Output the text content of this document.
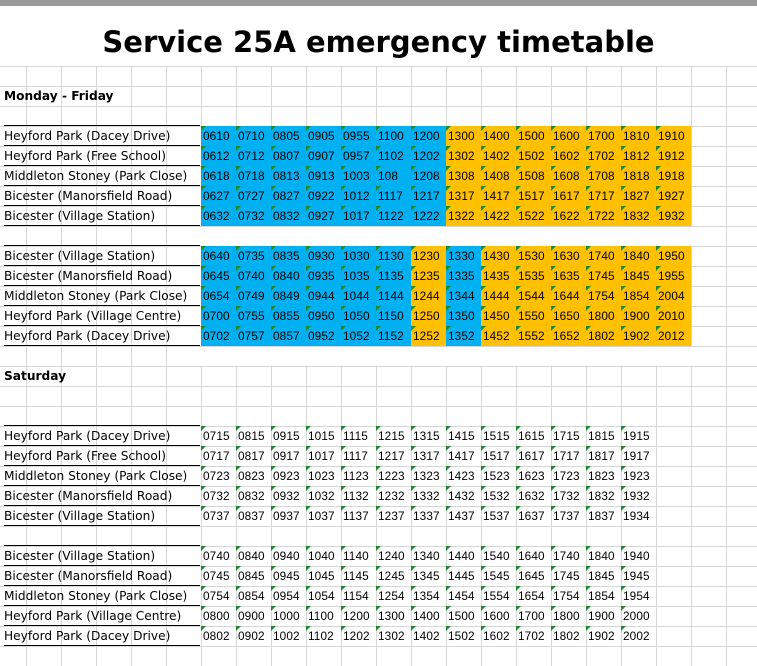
Service 25A emergency timetable
Monday - Friday
Heyford Park (Dacey Drive)	0610 0710 0805 0905 0955 1100 1200 1300 1400 1500 1600 1700 1810 1910
Heyford Park (Free School)	0612 0712 0807 0907 0957 1102 1202 1302 1402 1502 1602 1702 1812 1912
Middleton Stoney (Park Close)	0618 0718 0813 0913 1003 108	1208 1308 1408 1508 1608 1708 1818 1918
Bicester (Manorsfield Road)	0627 0727 0827 0922 1012 1117 1217 1317 1417 1517 1617 1717 1827 1927
Bicester (Village Station)	0632 0732 0832 0927 1017 1122 1222 1322 1422 1522 1622 1722 1832 1932
Bicester (Village Station)	0640 0735 0835 0930 1030 1130 1230 1330 1430 1530 1630 1740 1840 1950
Bicester (Manorsfield Road)	0645 0740 0840 0935 1035 1135 1235 1335 1435 1535 1635 1745 1845 1955
Middleton Stoney (Park Close)	0654 0749 0849 0944 1044 1144 1244 1344 1444 1544 1644 1754 1854 2004
Heyford Park (Village Centre)	0700 0755 0855 0950 1050 1150 1250 1350 1450 1550 1650 1800 1900 2010
Heyford Park (Dacey Drive)	0702 0757 0857 0952 1052 1152 1252 1352 1452 1552 1652 1802 1902 2012
Saturday
Heyford Park (Dacey Drive)	0715 0815 0915 1015 1115 1215 1315 1415 1515 1615 1715 1815 1915
Heyford Park (Free School)	0717 0817 0917 1017 1117 1217 1317 1417 1517 1617 1717 1817 1917
Middleton Stoney (Park Close)	0723 0823 0923 1023 1123 1223 1323 1423 1523 1623 1723 1823 1923
Bicester (Manorsfield Road)	0732 0832 0932 1032 1132 1232 1332 1432 1532 1632 1732 1832 1932
Bicester (Village Station)	0737 0837 0937 1037 1137 1237 1337 1437 1537 1637 1737 1837 1934
Bicester (Village Station)	0740 0840 0940 1040 1140 1240 1340 1440 1540 1640 1740 1840 1940
Bicester (Manorsfield Road)	0745 0845 0945 1045 1145 1245 1345 1445 1545 1645 1745 1845 1945
Middleton Stoney (Park Close)	0754 0854 0954 1054 1154 1254 1354 1454 1554 1654 1754 1854 1954
Heyford Park (Village Centre)	0800 0900 1000 1100 1200 1300 1400 1500 1600 1700 1800 1900 2000
Heyford Park (Dacey Drive)	0802 0902 1002 1102 1202 1302 1402 1502 1602 1702 1802 1902 2002
